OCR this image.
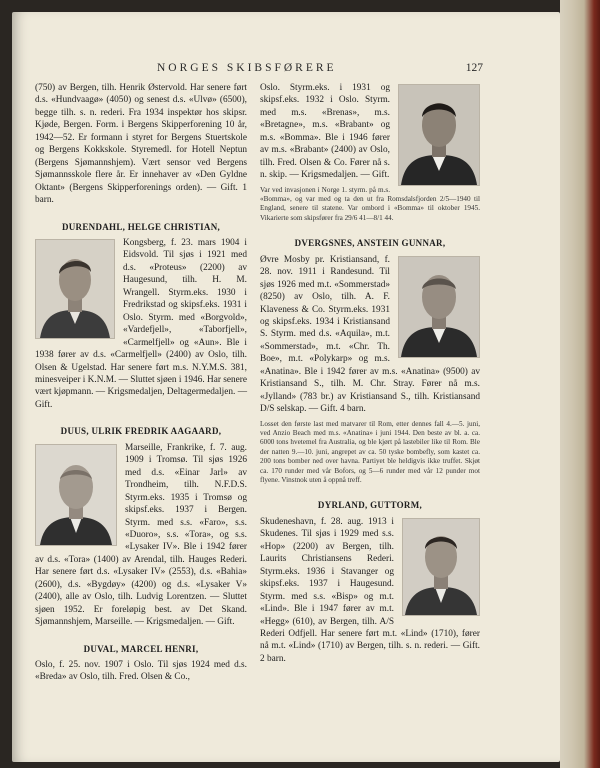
NORGES SKIBSFØRERE	127

(750) av Bergen, tilh. Henrik Østervold. Har senere ført d.s. «Hundvaagø» (4050) og senest d.s. «Ulvø» (6500), begge tilh. s. n. rederi. Fra 1934 inspektør hos skipsr. Kjøde, Bergen. Form. i Bergens Skipperforening 10 år, 1942—52. Er formann i styret for Bergens Stuertskole og Bergens Kokkskole. Styremedl. for Hotell Neptun (Bergens Sjømannshjem). Vært sensor ved Bergens Sjømannsskole flere år. Er innehaver av «Den Gyldne Oktant» (Bergens Skipperforenings orden). — Gift. 1 barn.

DURENDAHL, HELGE CHRISTIAN,

Kongsberg, f. 23. mars 1904 i Eidsvold. Til sjøs i 1921 med d.s. «Proteus» (2200) av Haugesund, tilh. H. M. Wrangell. Styrm.eks. 1930 i Fredrikstad og skipsf.eks. 1931 i Oslo. Styrm. med «Borgvold», «Vardefjell», «Taborfjell», «Carmelfjell» og «Aun». Ble i 1938 fører av d.s. «Carmelfjell» (2400) av Oslo, tilh. Olsen & Ugelstad. Har senere ført m.s. N.Y.M.S. 381, minesveiper i K.N.M. — Sluttet sjøen i 1946. Har senere vært kjøpmann. — Krigsmedaljen, Deltagermedaljen. — Gift.

DUUS, ULRIK FREDRIK AAGAARD,

Marseille, Frankrike, f. 7. aug. 1909 i Tromsø. Til sjøs 1926 med d.s. «Einar Jarl» av Trondheim, tilh. N.F.D.S. Styrm.eks. 1935 i Tromsø og skipsf.eks. 1937 i Bergen. Styrm. med s.s. «Faro», s.s. «Duoro», s.s. «Tora», og s.s. «Lysaker IV». Ble i 1942 fører av d.s. «Tora» (1400) av Arendal, tilh. Hauges Rederi. Har senere ført d.s. «Lysaker IV» (2553), d.s. «Bahia» (2600), d.s. «Bygdøy» (4200) og d.s. «Lysaker V» (2400), alle av Oslo, tilh. Ludvig Lorentzen. — Sluttet sjøen 1952. Er foreløpig best. av Det Skand. Sjømannshjem, Marseille. — Krigsmedaljen. — Gift.

DUVAL, MARCEL HENRI,

Oslo, f. 25. nov. 1907 i Oslo. Til sjøs 1924 med d.s. «Breda» av Oslo, tilh. Fred. Olsen & Co.,

Oslo. Styrm.eks. i 1931 og skipsf.eks. 1932 i Oslo. Styrm. med m.s. «Brenas», m.s. «Bretagne», m.s. «Brabant» og m.s. «Bomma». Ble i 1946 fører av m.s. «Brabant» (2400) av Oslo, tilh. Fred. Olsen & Co. Fører nå s. n. skip. — Krigsmedaljen. — Gift.

Var ved invasjonen i Norge 1. styrm. på m.s. «Bomma», og var med og ta den ut fra Romsdalsfjorden 2/5—1940 til England, senere til statene. Var ombord i «Bomma» til oktober 1945. Vikarierte som skipsfører fra 29/6 41—8/1 44.
DVERGSNES, ANSTEIN GUNNAR,

Øvre Mosby pr. Kristiansand, f. 28. nov. 1911 i Randesund. Til sjøs 1926 med m.t. «Sommerstad» (8250) av Oslo, tilh. A. F. Klaveness & Co. Styrm.eks. 1931 og skipsf.eks. 1934 i Kristiansand S. Styrm. med d.s. «Aquila», m.t. «Sommerstad», m.t. «Chr. Th. Boe», m.t. «Polykarp» og m.s. «Anatina». Ble i 1942 fører av m.s. «Anatina» (9500) av Kristiansand S., tilh. M. Chr. Stray. Fører nå m.s. «Jylland» (783 br.) av Kristiansand S., tilh. Kristiansand D/S selskap. — Gift. 4 barn.

Losset den første last med matvarer til Rom, etter dennes fall 4.—5. juni, ved Anzio Beach med m.s. «Anatina» i juni 1944. Den beste av bl. a. ca. 6000 tons hvetemel fra Australia, og ble kjørt på lastebiler like til Rom. Ble der natten 9.—10. juni, angrepet av ca. 50 tyske bombefly, som kastet ca. 200 tons bomber ned over havna. Partiyet ble heldigvis ikke truffet. Skjøt ca. 170 runder med vår Bofors, og 5—6 runder med vår 12 punder mot flyene. Vinstnok uten å oppnå treff.
DYRLAND, GUTTORM,

Skudeneshavn, f. 28. aug. 1913 i Skudenes. Til sjøs i 1929 med s.s. «Hop» (2200) av Bergen, tilh. Laurits Christiansens Rederi. Styrm.eks. 1936 i Stavanger og skipsf.eks. 1937 i Haugesund. Styrm. med s.s. «Bisp» og m.t. «Lind». Ble i 1947 fører av m.t. «Hegg» (610), av Bergen, tilh. A/S Rederi Odfjell. Har senere ført m.t. «Lind» (1710), fører nå m.t. «Lind» (1710) av Bergen, tilh. s. n. rederi. — Gift. 2 barn.
